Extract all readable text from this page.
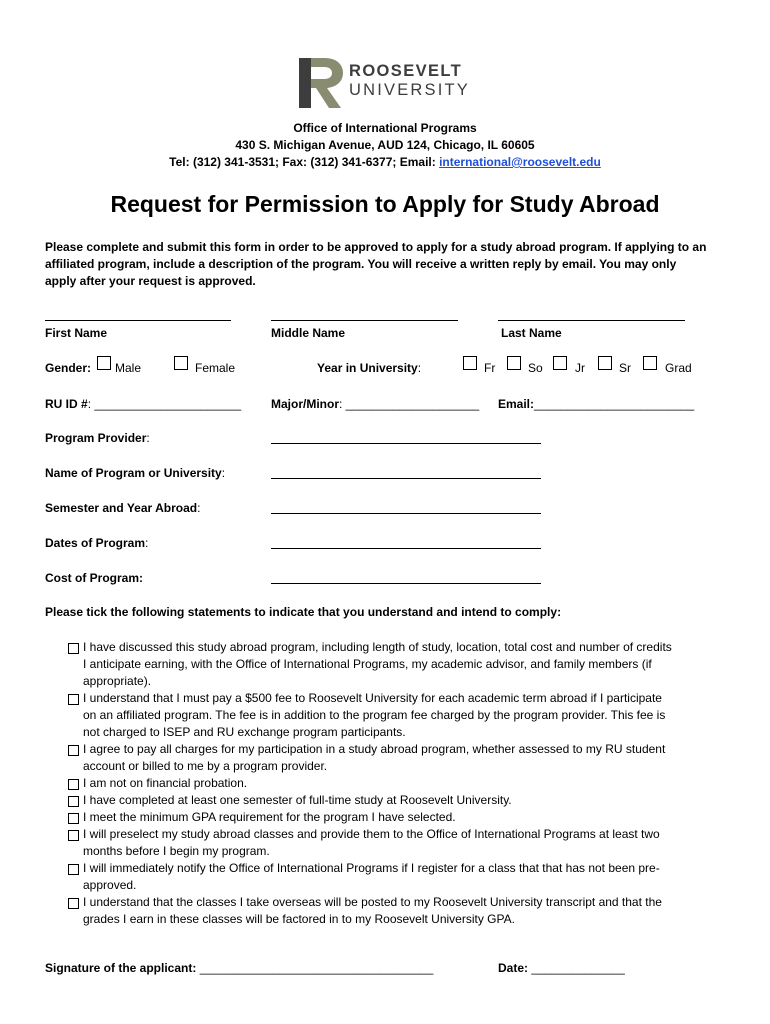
ROOSEVELT
UNIVERSITY
Office of International Programs
430 S. Michigan Avenue, AUD 124, Chicago, IL 60605
Tel: (312) 341-3531; Fax: (312) 341-6377; Email: international@roosevelt.edu
Request for Permission to Apply for Study Abroad
Please complete and submit this form in order to be approved to apply for a study abroad program. If applying to an
affiliated program, include a description of the program. You will receive a written reply by email. You may only
apply after your request is approved.
First Name	Middle Name	Last Name
Gender: Male	Female	Year in University:	Fr	So	Jr	Sr	Grad
RU ID #: ______________________ Major/Minor: ____________________ Email:________________________
Program Provider:
Name of Program or University:
Semester and Year Abroad:
Dates of Program:
Cost of Program:
Please tick the following statements to indicate that you understand and intend to comply:
I have discussed this study abroad program, including length of study, location, total cost and number of credits
I anticipate earning, with the Office of International Programs, my academic advisor, and family members (if
appropriate).
I understand that I must pay a $500 fee to Roosevelt University for each academic term abroad if I participate
on an affiliated program. The fee is in addition to the program fee charged by the program provider. This fee is
not charged to ISEP and RU exchange program participants.
I agree to pay all charges for my participation in a study abroad program, whether assessed to my RU student
account or billed to me by a program provider.
I am not on financial probation.
I have completed at least one semester of full-time study at Roosevelt University.
I meet the minimum GPA requirement for the program I have selected.
I will preselect my study abroad classes and provide them to the Office of International Programs at least two
months before I begin my program.
I will immediately notify the Office of International Programs if I register for a class that that has not been pre-
approved.
I understand that the classes I take overseas will be posted to my Roosevelt University transcript and that the
grades I earn in these classes will be factored in to my Roosevelt University GPA.
Signature of the applicant: ___________________________________	Date: ______________
